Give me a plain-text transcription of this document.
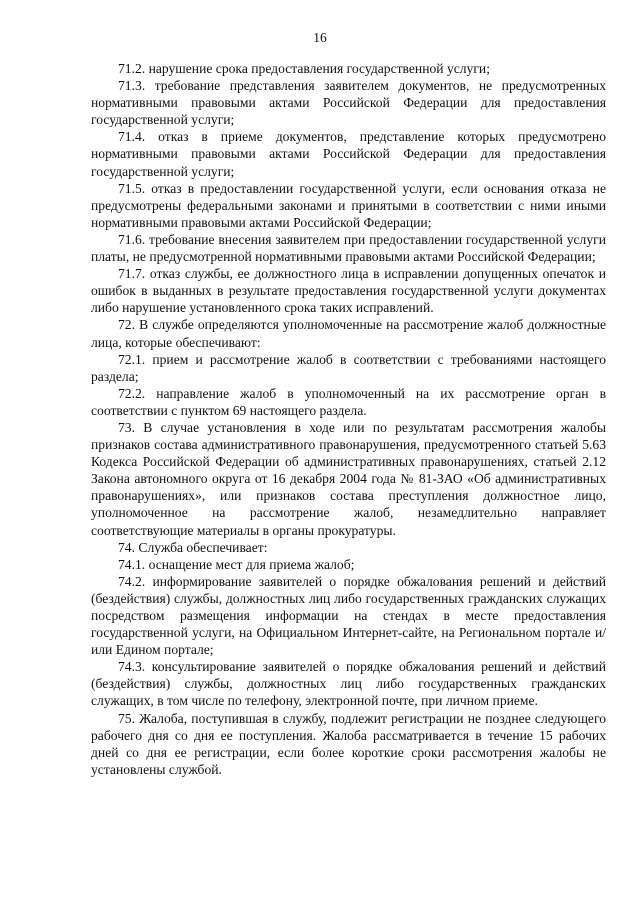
16

71.2. нарушение срока предоставления государственной услуги;

71.3. требование представления заявителем документов, не предусмотренных нормативными правовыми актами Российской Федерации для предоставления государственной услуги;

71.4. отказ в приеме документов, представление которых предусмотрено нормативными правовыми актами Российской Федерации для предоставления государственной услуги;

71.5. отказ в предоставлении государственной услуги, если основания отказа не предусмотрены федеральными законами и принятыми в соответствии с ними иными нормативными правовыми актами Российской Федерации;

71.6. требование внесения заявителем при предоставлении государственной услуги платы, не предусмотренной нормативными правовыми актами Российской Федерации;

71.7. отказ службы, ее должностного лица в исправлении допущенных опечаток и ошибок в выданных в результате предоставления государственной услуги документах либо нарушение установленного срока таких исправлений.

72. В службе определяются уполномоченные на рассмотрение жалоб должностные лица, которые обеспечивают:

72.1. прием и рассмотрение жалоб в соответствии с требованиями настоящего раздела;

72.2. направление жалоб в уполномоченный на их рассмотрение орган в соответствии с пунктом 69 настоящего раздела.

73. В случае установления в ходе или по результатам рассмотрения жалобы признаков состава административного правонарушения, предусмотренного статьей 5.63 Кодекса Российской Федерации об административных правонарушениях, статьей 2.12 Закона автономного округа от 16 декабря 2004 года № 81-ЗАО «Об административных правонарушениях», или признаков состава преступления должностное лицо, уполномоченное на рассмотрение жалоб, незамедлительно направляет соответствующие материалы в органы прокуратуры.

74. Служба обеспечивает:

74.1. оснащение мест для приема жалоб;

74.2. информирование заявителей о порядке обжалования решений и действий (бездействия) службы, должностных лиц либо государственных гражданских служащих посредством размещения информации на стендах в месте предоставления государственной услуги, на Официальном Интернет-сайте, на Региональном портале и/или Едином портале;

74.3. консультирование заявителей о порядке обжалования решений и действий (бездействия) службы, должностных лиц либо государственных гражданских служащих, в том числе по телефону, электронной почте, при личном приеме.

75. Жалоба, поступившая в службу, подлежит регистрации не позднее следующего рабочего дня со дня ее поступления. Жалоба рассматривается в течение 15 рабочих дней со дня ее регистрации, если более короткие сроки рассмотрения жалобы не установлены службой.
